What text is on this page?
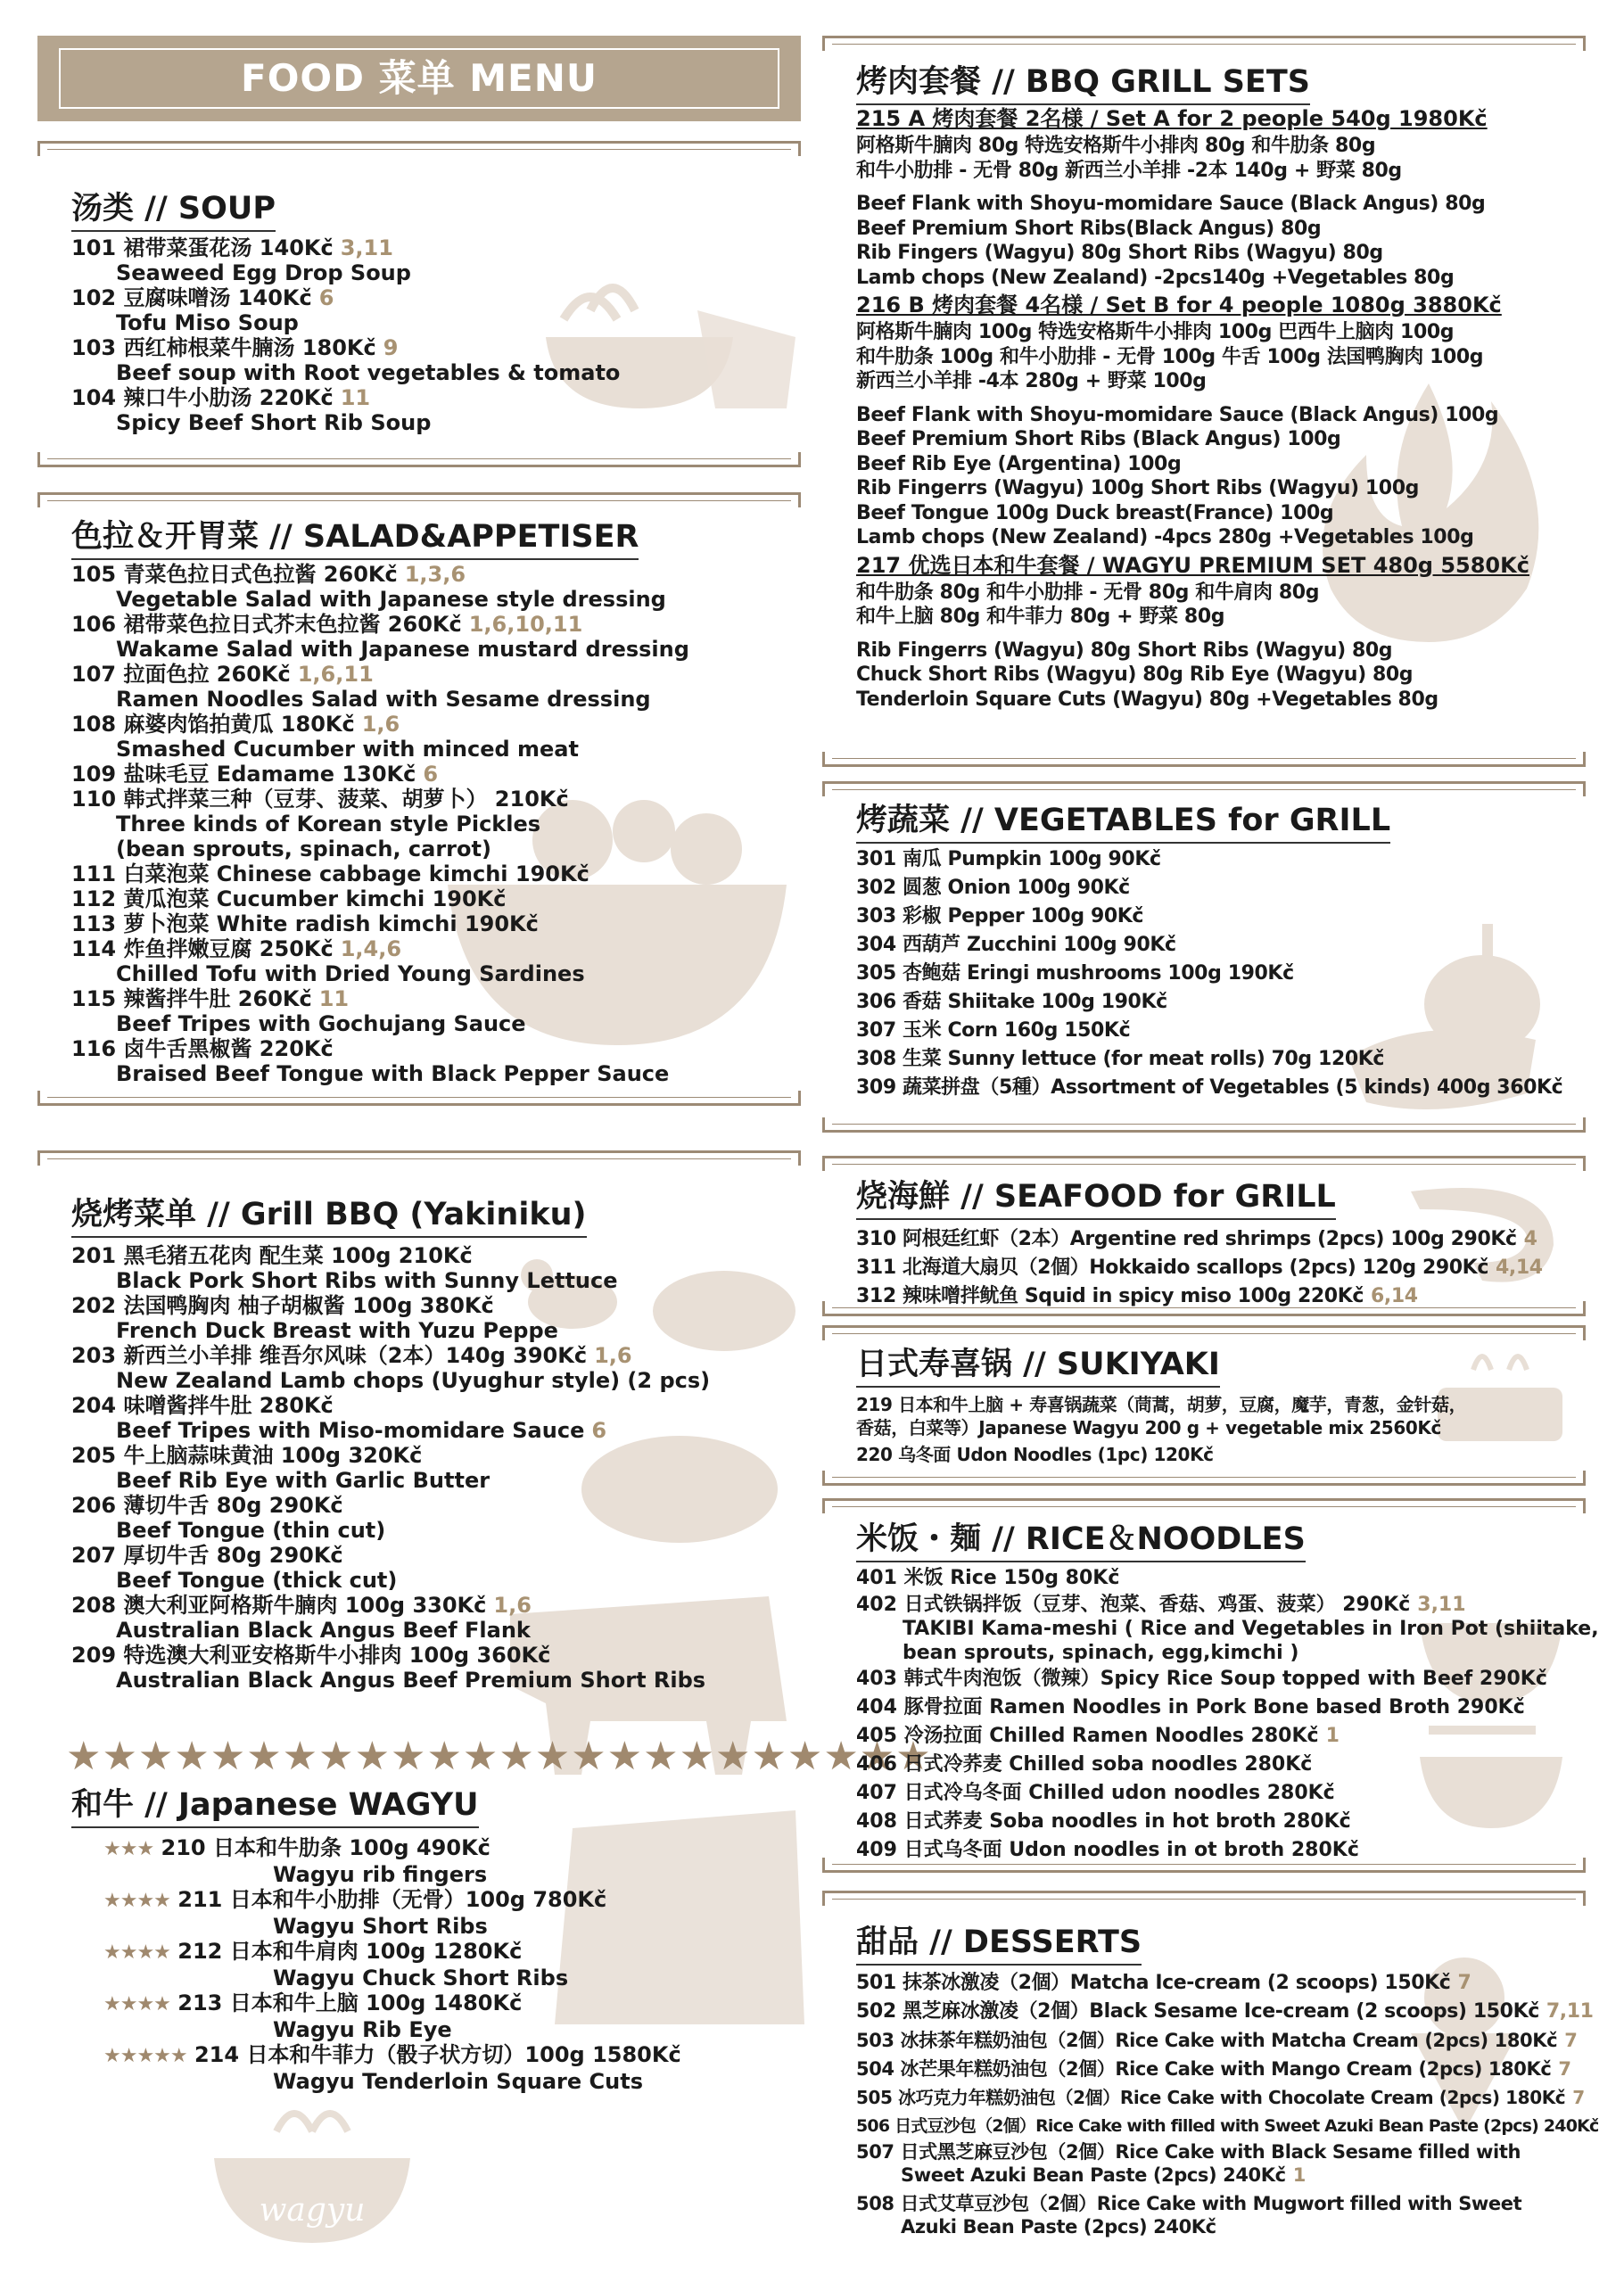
FOOD 菜单 MENU
汤类 // SOUP
101 裙带菜蛋花汤 140Kč 3,11
Seaweed Egg Drop Soup
102 豆腐味噌汤 140Kč 6
Tofu Miso Soup
103 西红柿根菜牛腩汤 180Kč 9
Beef soup with Root vegetables & tomato
104 辣口牛小肋汤 220Kč 11
Spicy Beef Short Rib Soup
色拉＆开胃菜 // SALAD&APPETISER
105 青菜色拉日式色拉酱 260Kč 1,3,6
Vegetable Salad with Japanese style dressing
106 裙带菜色拉日式芥末色拉酱 260Kč 1,6,10,11
Wakame Salad with Japanese mustard dressing
107 拉面色拉 260Kč 1,6,11
Ramen Noodles Salad with Sesame dressing
108 麻婆肉馅拍黄瓜 180Kč 1,6
Smashed Cucumber with minced meat
109 盐味毛豆 Edamame 130Kč 6
110 韩式拌菜三种（豆芽、菠菜、胡萝卜） 210Kč
Three kinds of Korean style Pickles
(bean sprouts, spinach, carrot)
111 白菜泡菜 Chinese cabbage kimchi 190Kč
112 黄瓜泡菜 Cucumber kimchi 190Kč
113 萝卜泡菜 White radish kimchi 190Kč
114 炸鱼拌嫩豆腐 250Kč 1,4,6
Chilled Tofu with Dried Young Sardines
115 辣酱拌牛肚 260Kč 11
Beef Tripes with Gochujang Sauce
116 卤牛舌黑椒酱 220Kč
Braised Beef Tongue with Black Pepper Sauce
烧烤菜单 // Grill BBQ (Yakiniku)
201 黑毛猪五花肉 配生菜 100g 210Kč
Black Pork Short Ribs with Sunny Lettuce
202 法国鸭胸肉 柚子胡椒酱 100g 380Kč
French Duck Breast with Yuzu Peppe
203 新西兰小羊排 维吾尔风味（2本）140g 390Kč 1,6
New Zealand Lamb chops (Uyughur style) (2 pcs)
204 味噌酱拌牛肚 280Kč
Beef Tripes with Miso-momidare Sauce 6
205 牛上脑蒜味黄油 100g 320Kč
Beef Rib Eye with Garlic Butter
206 薄切牛舌 80g 290Kč
Beef Tongue (thin cut)
207 厚切牛舌 80g 290Kč
Beef Tongue (thick cut)
208 澳大利亚阿格斯牛腩肉 100g 330Kč 1,6
Australian Black Angus Beef Flank
209 特选澳大利亚安格斯牛小排肉 100g 360Kč
Australian Black Angus Beef Premium Short Ribs
★★★★★★★★★★★★★★★★★★★★★★★★
和牛 // Japanese WAGYU
★★★ 210 日本和牛肋条 100g 490Kč
Wagyu rib fingers
★★★★ 211 日本和牛小肋排（无骨）100g 780Kč
Wagyu Short Ribs
★★★★ 212 日本和牛肩肉 100g 1280Kč
Wagyu Chuck Short Ribs
★★★★ 213 日本和牛上脑 100g 1480Kč
Wagyu Rib Eye
★★★★★ 214 日本和牛菲力（骰子状方切）100g 1580Kč
Wagyu Tenderloin Square Cuts
wagyu
烤肉套餐 // BBQ GRILL SETS
215 A 烤肉套餐 2名様 / Set A for 2 people 540g 1980Kč
阿格斯牛腩肉 80g 特选安格斯牛小排肉 80g 和牛肋条 80g
和牛小肋排 - 无骨 80g 新西兰小羊排 -2本 140g + 野菜 80g
Beef Flank with Shoyu-momidare Sauce (Black Angus) 80g
Beef Premium Short Ribs(Black Angus) 80g
Rib Fingers (Wagyu) 80g Short Ribs (Wagyu) 80g
Lamb chops (New Zealand) -2pcs140g +Vegetables 80g
216 B 烤肉套餐 4名様 / Set B for 4 people 1080g 3880Kč
阿格斯牛腩肉 100g 特选安格斯牛小排肉 100g 巴西牛上脑肉 100g
和牛肋条 100g 和牛小肋排 - 无骨 100g 牛舌 100g 法国鸭胸肉 100g
新西兰小羊排 -4本 280g + 野菜 100g
Beef Flank with Shoyu-momidare Sauce (Black Angus) 100g
Beef Premium Short Ribs (Black Angus) 100g
Beef Rib Eye (Argentina) 100g
Rib Fingerrs (Wagyu) 100g Short Ribs (Wagyu) 100g
Beef Tongue 100g Duck breast(France) 100g
Lamb chops (New Zealand) -4pcs 280g +Vegetables 100g
217 优选日本和牛套餐 / WAGYU PREMIUM SET 480g 5580Kč
和牛肋条 80g 和牛小肋排 - 无骨 80g 和牛肩肉 80g
和牛上脑 80g 和牛菲力 80g + 野菜 80g
Rib Fingerrs (Wagyu) 80g Short Ribs (Wagyu) 80g
Chuck Short Ribs (Wagyu) 80g Rib Eye (Wagyu) 80g
Tenderloin Square Cuts (Wagyu) 80g +Vegetables 80g
烤蔬菜 // VEGETABLES for GRILL
301 南瓜 Pumpkin 100g 90Kč
302 圆葱 Onion 100g 90Kč
303 彩椒 Pepper 100g 90Kč
304 西葫芦 Zucchini 100g 90Kč
305 杏鲍菇 Eringi mushrooms 100g 190Kč
306 香菇 Shiitake 100g 190Kč
307 玉米 Corn 160g 150Kč
308 生菜 Sunny lettuce (for meat rolls) 70g 120Kč
309 蔬菜拼盘（5種）Assortment of Vegetables (5 kinds) 400g 360Kč
烧海鮮 // SEAFOOD for GRILL
310 阿根廷红虾（2本）Argentine red shrimps (2pcs) 100g 290Kč 4
311 北海道大扇贝（2個）Hokkaido scallops (2pcs) 120g 290Kč 4,14
312 辣味噌拌鱿鱼 Squid in spicy miso 100g 220Kč 6,14
日式寿喜锅 // SUKIYAKI
219 日本和牛上脑 + 寿喜锅蔬菜（茼蒿，胡萝，豆腐，魔芋，青葱，金针菇，
香菇，白菜等）Japanese Wagyu 200 g + vegetable mix 2560Kč
220 乌冬面 Udon Noodles (1pc) 120Kč
米饭・麺 // RICE＆NOODLES
401 米饭 Rice 150g 80Kč
402 日式铁锅拌饭（豆芽、泡菜、香菇、鸡蛋、菠菜） 290Kč 3,11
TAKIBI Kama-meshi ( Rice and Vegetables in Iron Pot (shiitake,
bean sprouts, spinach, egg,kimchi )
403 韩式牛肉泡饭（微辣）Spicy Rice Soup topped with Beef 290Kč
404 豚骨拉面 Ramen Noodles in Pork Bone based Broth 290Kč
405 冷汤拉面 Chilled Ramen Noodles 280Kč 1
406 日式冷荞麦 Chilled soba noodles 280Kč
407 日式冷乌冬面 Chilled udon noodles 280Kč
408 日式荞麦 Soba noodles in hot broth 280Kč
409 日式乌冬面 Udon noodles in ot broth 280Kč
甜品 // DESSERTS
501 抹茶冰激凌（2個）Matcha Ice-cream (2 scoops) 150Kč 7
502 黑芝麻冰激凌（2個）Black Sesame Ice-cream (2 scoops) 150Kč 7,11
503 冰抹茶年糕奶油包（2個）Rice Cake with Matcha Cream (2pcs) 180Kč 7
504 冰芒果年糕奶油包（2個）Rice Cake with Mango Cream (2pcs) 180Kč 7
505 冰巧克力年糕奶油包（2個）Rice Cake with Chocolate Cream (2pcs) 180Kč 7
506 日式豆沙包（2個）Rice Cake with filled with Sweet Azuki Bean Paste (2pcs) 240Kč
507 日式黑芝麻豆沙包（2個）Rice Cake with Black Sesame filled with
Sweet Azuki Bean Paste (2pcs) 240Kč 1
508 日式艾草豆沙包（2個）Rice Cake with Mugwort filled with Sweet
Azuki Bean Paste (2pcs) 240Kč
